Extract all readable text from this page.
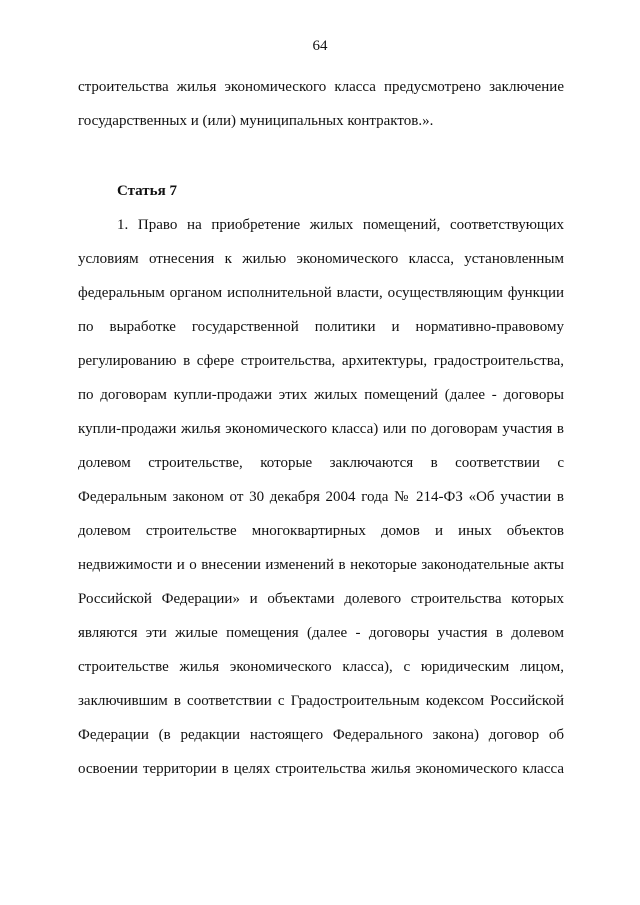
64
строительства жилья экономического класса предусмотрено заключение
государственных и (или) муниципальных контрактов.».
Статья 7
1. Право на приобретение жилых помещений, соответствующих
условиям отнесения к жилью экономического класса, установленным
федеральным органом исполнительной власти, осуществляющим функции
по выработке государственной политики и нормативно-правовому
регулированию в сфере строительства, архитектуры, градостроительства,
по договорам купли-продажи этих жилых помещений (далее - договоры
купли-продажи жилья экономического класса) или по договорам участия в
долевом строительстве, которые заключаются в соответствии с
Федеральным законом от 30 декабря 2004 года № 214-ФЗ «Об участии в
долевом строительстве многоквартирных домов и иных объектов
недвижимости и о внесении изменений в некоторые законодательные акты
Российской Федерации» и объектами долевого строительства которых
являются эти жилые помещения (далее - договоры участия в долевом
строительстве жилья экономического класса), с юридическим лицом,
заключившим в соответствии с Градостроительным кодексом Российской
Федерации (в редакции настоящего Федерального закона) договор об
освоении территории в целях строительства жилья экономического класса
